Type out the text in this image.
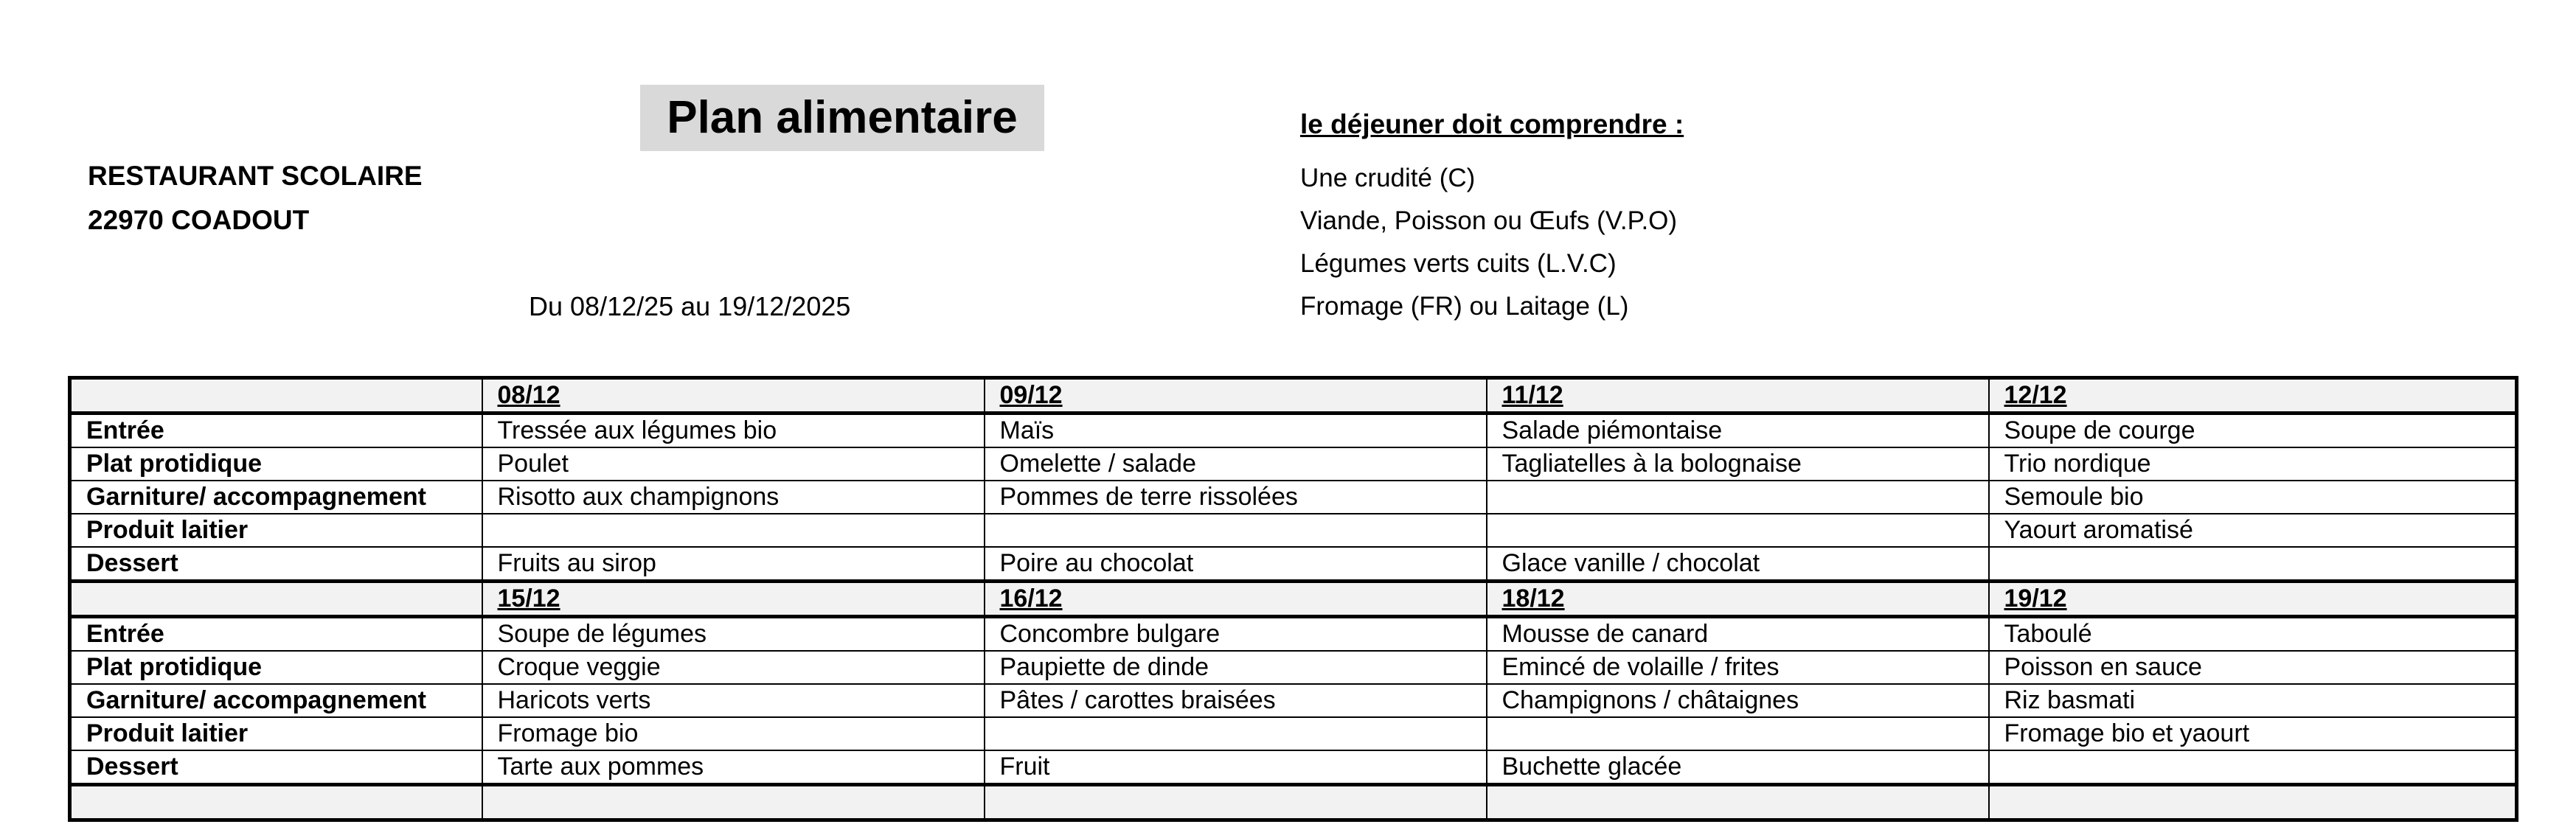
Plan alimentaire
RESTAURANT SCOLAIRE
22970 COADOUT
Du 08/12/25 au 19/12/2025
le déjeuner doit comprendre :
Une crudité (C)
Viande, Poisson ou Œufs (V.P.O)
Légumes verts cuits (L.V.C)
Fromage (FR) ou Laitage (L)
	08/12	09/12	11/12	12/12
Entrée	Tressée aux légumes bio	Maïs	Salade piémontaise	Soupe de courge
Plat protidique	Poulet	Omelette / salade	Tagliatelles à la bolognaise	Trio nordique
Garniture/ accompagnement	Risotto aux champignons	Pommes de terre rissolées		Semoule bio
Produit laitier				Yaourt aromatisé
Dessert	Fruits au sirop	Poire au chocolat	Glace vanille / chocolat	
	15/12	16/12	18/12	19/12
Entrée	Soupe de légumes	Concombre bulgare	Mousse de canard	Taboulé
Plat protidique	Croque veggie	Paupiette de dinde	Emincé de volaille / frites	Poisson en sauce
Garniture/ accompagnement	Haricots verts	Pâtes / carottes braisées	Champignons / châtaignes	Riz basmati
Produit laitier	Fromage bio			Fromage bio et yaourt
Dessert	Tarte aux pommes	Fruit	Buchette glacée	
